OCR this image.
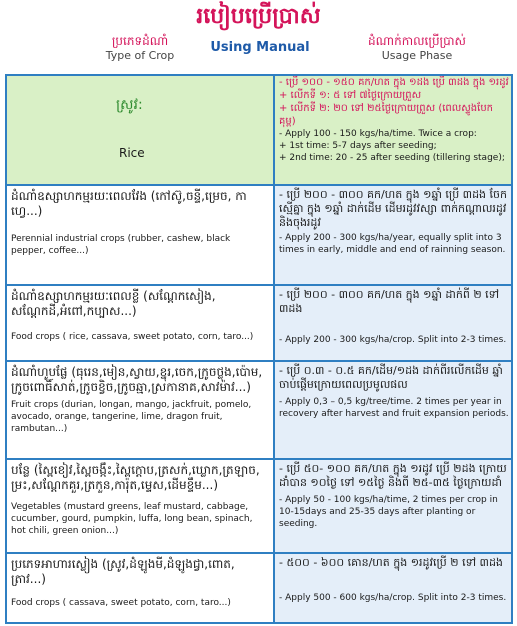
របៀបប្រើប្រាស់
ប្រភេទដំណាំ
Type of Crop
Using Manual	ដំណាក់កាលប្រើប្រាស់
Usage Phase
ស្រូវ:
Rice
- ប្រើ ១០០ - ១៥០ គក/ហត ក្នុង ១ដង ប្រើ ៣ដង ក្នុង ១រដូវ
+ លើកទី ១: ៥ ទៅ ៧ថ្ងៃក្រោយព្រួស
+ លើកទី ២: ២០ ទៅ ២៥ថ្ងៃក្រោយព្រួស (ពេលស្ទូងបែកគុម្ព)
- Apply 100 - 150 kgs/ha/time. Twice a crop:
+ 1st time: 5-7 days after seeding;
+ 2nd time: 20 - 25 after seeding (tillering stage);
ដំណាំឧស្សាហកម្មរយៈពេលវែង (កៅស៊ូ,ចន្ទី,ម្រេច, កាហ្វេ...)
Perennial industrial crops (rubber, cashew, black pepper, coffee...)
- ប្រើ ២០០ - ៣០០ គក/ហត ក្នុង ១ឆ្នាំ ប្រើ ៣ដង ចែកស្មើគ្នា ក្នុង ១ឆ្នាំ ដាក់ដើម ដើមរដូវវស្សា ពាក់កណ្ដាលរដូវ និងចុងរដូវ
- Apply 200 - 300 kgs/ha/year, equally split into 3 times in early, middle and end of rainning season.
ដំណាំឧស្សាហកម្មរយៈពេលខ្លី (សណ្ដែកសៀង, សណ្ដែកដី,អំពៅ,កប្បាស...)
Food crops ( rice, cassava, sweet potato, corn, taro...)
- ប្រើ ២០០ - ៣០០ គក/ហត ក្នុង ១ឆ្នាំ ដាក់ពី ២ ទៅ ៣ដង
- Apply 200 - 300 kgs/ha/crop. Split into 2-3 times.
ដំណាំហូបផ្លែ (ធុរេន,មៀន,ស្វាយ,ខ្នុរ,ចេក,ក្រូចថ្លុង,ប៉ោម, ក្រូចពោធិ៍សាត់,ក្រូចខ្វិច,ក្រូចឆ្មា,ស្រកានាគ,សាវម៉ាវ...)
Fruit crops (durian, longan, mango, jackfruit, pomelo, avocado, orange, tangerine, lime, dragon fruit, rambutan...)
- ប្រើ ០.៣ - ០.៥ គក/ដើម/១ដង ដាក់ពីរលើកដើម ឆ្នាំចាប់ផ្ដើមក្រោយពេលប្រមូលផល
- Apply 0,3 – 0,5 kg/tree/time. 2 times per year in recovery after harvest and fruit expansion periods.
បន្លែ (ស្ពៃខៀវ,ស្ពៃចង្កឹះ,ស្ពៃក្ដោប,ត្រសក់,ឃ្លោក,ត្រឡាច, ម្រះ,សណ្ដែកគួរ,ត្រកួន,ការ៉ុត,ម្ទេស,ដើមខ្ទឹម...)
Vegetables (mustard greens, leaf mustard, cabbage, cucumber, gourd, pumpkin, luffa, long bean, spinach, hot chili, green onion...)
- ប្រើ ៥០- ១០០ គក/ហត ក្នុង ១រដូវ ប្រើ ២ដង ក្រោយដាំបាន ១០ថ្ងៃ ទៅ ១៥ថ្ងៃ និងពី ២៥-៣៥ ថ្ងៃក្រោយដាំ
- Apply 50 - 100 kgs/ha/time, 2 times per crop in 10-15days and 25-35 days after planting or seeding.
ប្រភេទអាហារស្លៀង (ស្រូវ,ដំឡូងមី,ដំឡូងជ្វា,ពោត, ត្រាវ...)
Food crops ( cassava, sweet potato, corn, taro...)
- ៥០០ - ៦០០ គោន/ហត ក្នុង ១រដូវប្រើ ២ ទៅ ៣ដង
- Apply 500 - 600 kgs/ha/crop. Split into 2-3 times.
